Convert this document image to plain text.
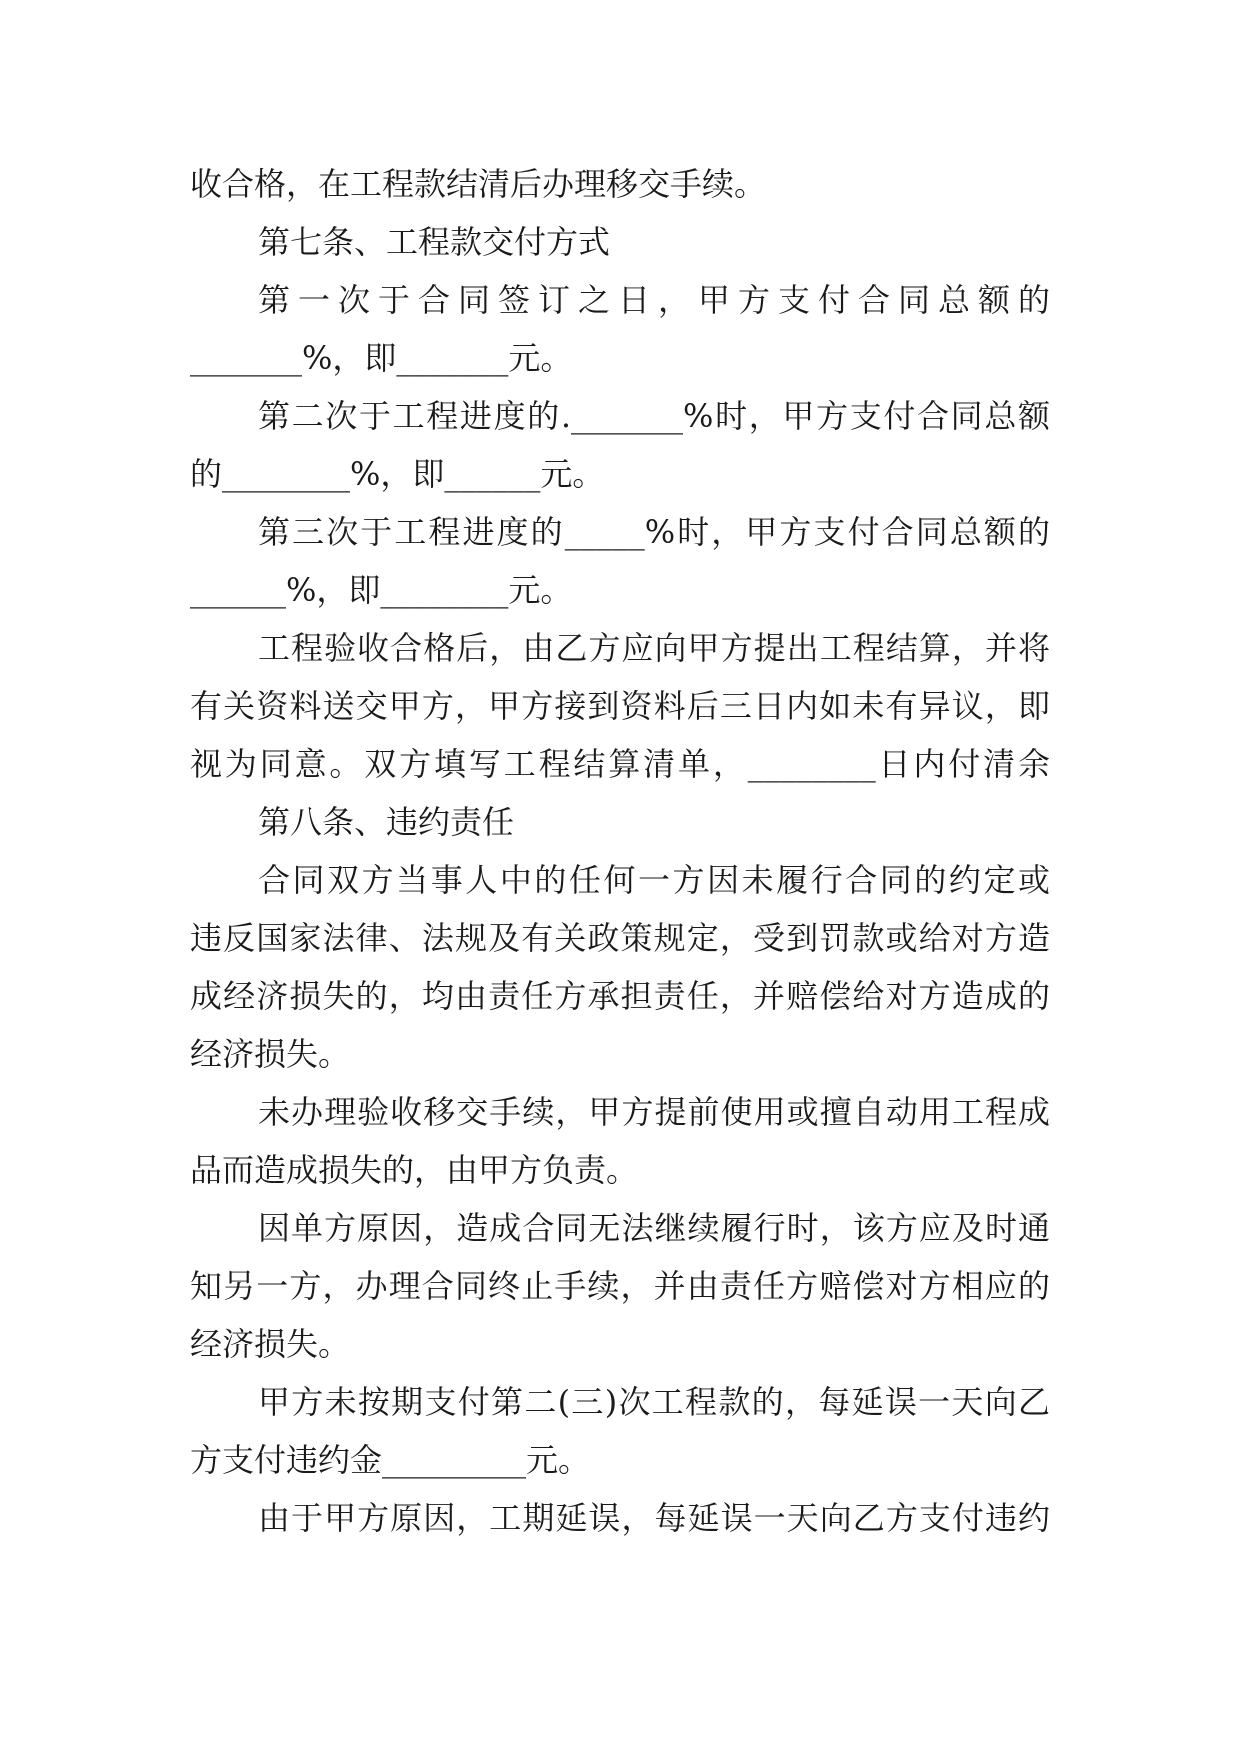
收合格，在工程款结清后办理移交手续。
第七条、工程款交付方式
第一次于合同签订之日，甲方支付合同总额的
_______%，即_______元。
第二次于工程进度的._______%时，甲方支付合同总额
的________%，即______元。
第三次于工程进度的_____%时，甲方支付合同总额的
______%，即________元。
工程验收合格后，由乙方应向甲方提出工程结算，并将
有关资料送交甲方，甲方接到资料后三日内如未有异议，即
视为同意。双方填写工程结算清单，________日内付清余
第八条、违约责任
合同双方当事人中的任何一方因未履行合同的约定或
违反国家法律、法规及有关政策规定，受到罚款或给对方造
成经济损失的，均由责任方承担责任，并赔偿给对方造成的
经济损失。
未办理验收移交手续，甲方提前使用或擅自动用工程成
品而造成损失的，由甲方负责。
因单方原因，造成合同无法继续履行时，该方应及时通
知另一方，办理合同终止手续，并由责任方赔偿对方相应的
经济损失。
甲方未按期支付第二(三)次工程款的，每延误一天向乙
方支付违约金_________元。
由于甲方原因，工期延误，每延误一天向乙方支付违约
